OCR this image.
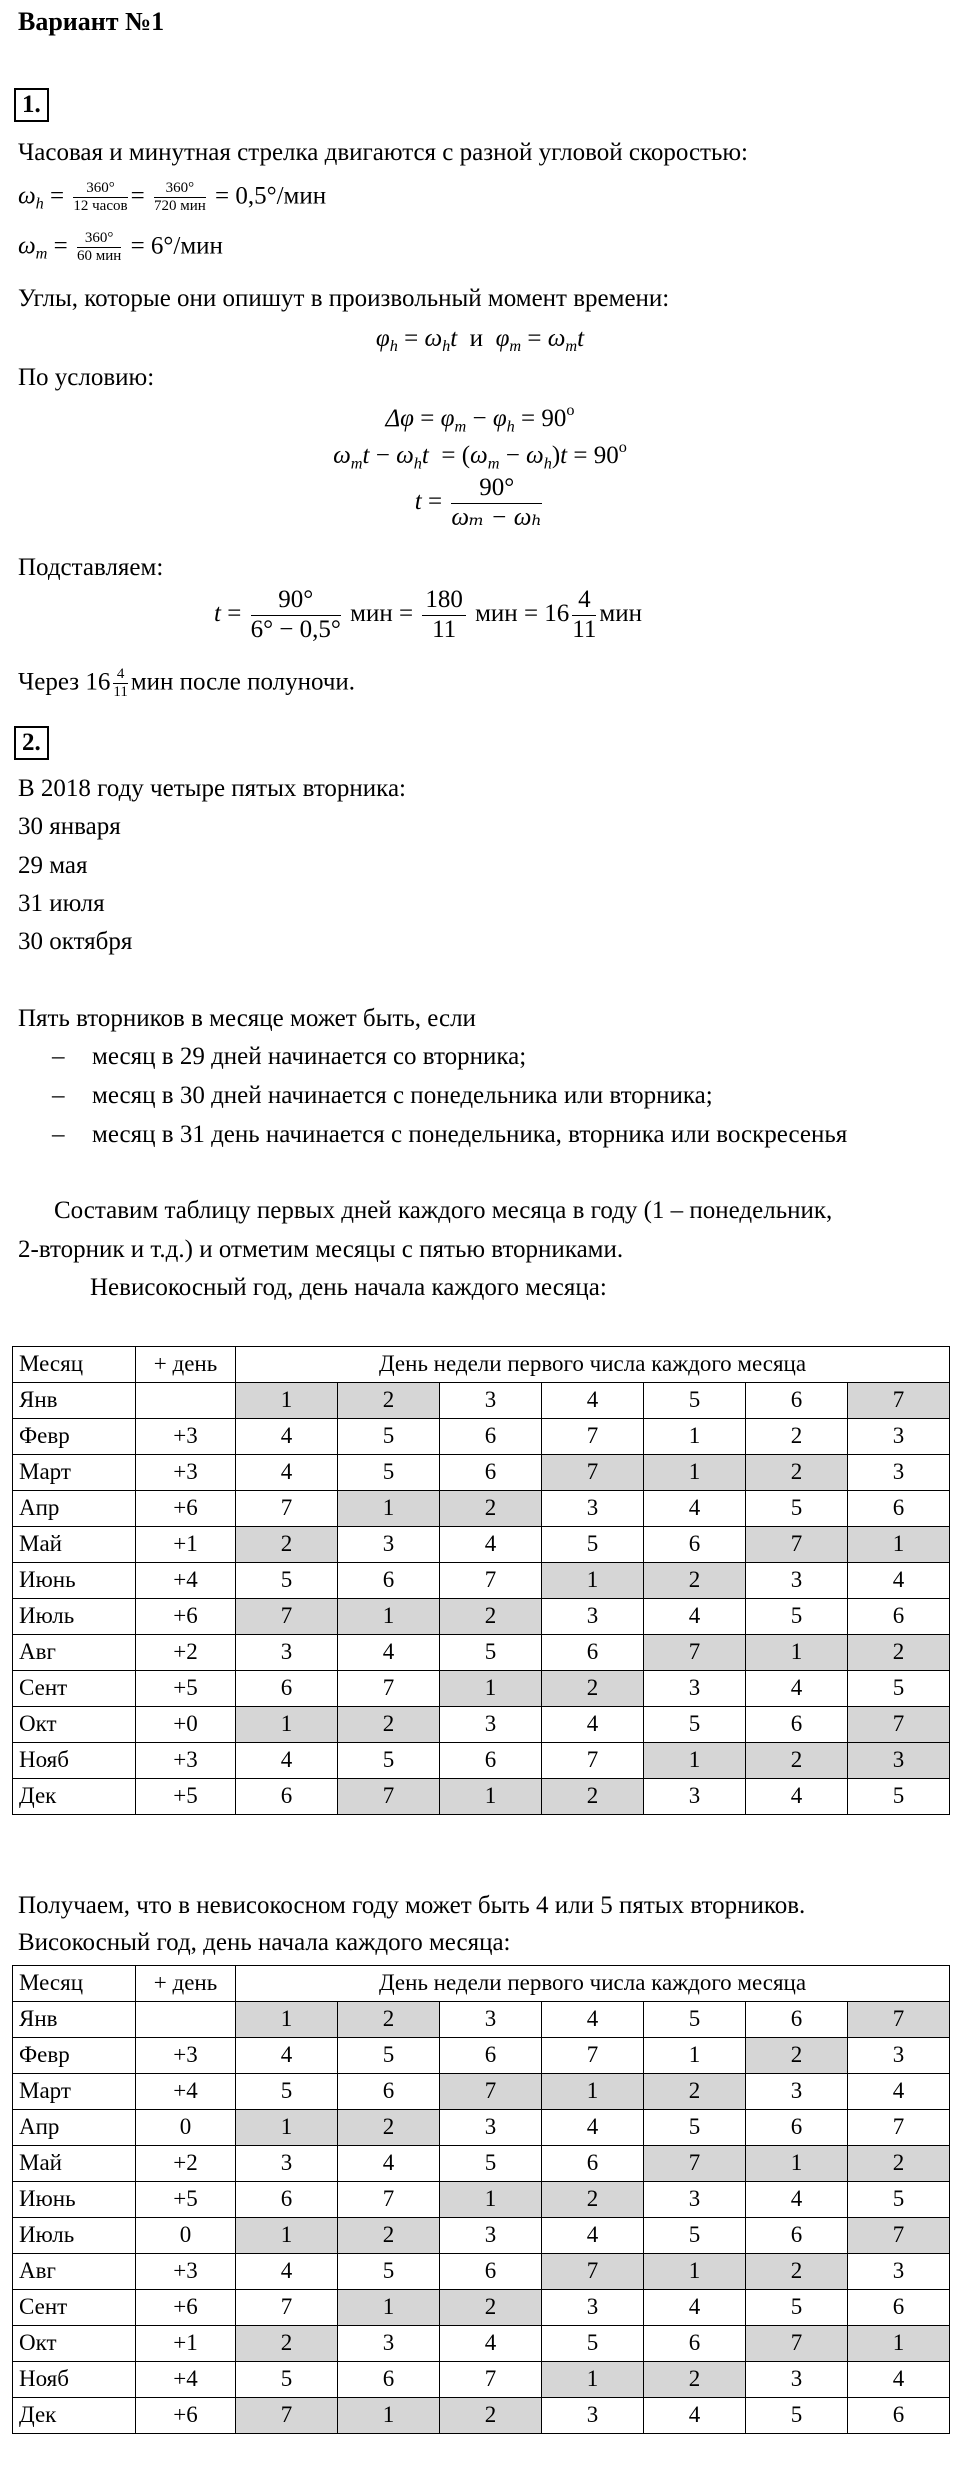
Вариант №1
1.
Часовая и минутная стрелка двигаются с разной угловой скоростью:
$\omega_h = \frac{360^\circ}{\text{12 часов}} = \frac{360^\circ}{\text{720 мин}} = 0,5^\circ/мин$
$\omega_m = \frac{360^\circ}{\text{60 мин}} = 6^\circ/мин$
Углы, которые они опишут в произвольный момент времени:
$\varphi_h = \omega_ht$  и  $\varphi_m = \omega_mt$
По условию:
$\Delta\varphi = \varphi_m - \varphi_h = 90^o$
$\omega_mt - \omega_ht = (\omega_m - \omega_h)t = 90^o$
$t = \frac{90^\circ}{\text{ωₘ − ωₕ}}$
Подставляем:
$t = \frac{90^\circ}{6^\circ - 0,5^\circ}$ мин = $\frac{180}{11}$ мин = $16 \frac{4}{11}$ мин
Через $16 \frac{4}{11}$ мин после полуночи.
2.
В 2018 году четыре пятых вторника:
30 января
29 мая
31 июля
30 октября
Пять вторников в месяце может быть, если
– месяц в 29 дней начинается со вторника;
– месяц в 30 дней начинается с понедельника или вторника;
– месяц в 31 день начинается с понедельника, вторника или воскресенья
Составим таблицу первых дней каждого месяца в году (1 – понедельник,
2-вторник и т.д.) и отметим месяцы с пятью вторниками.
Невисокосный год, день начала каждого месяца:
Месяц	+ день	День недели первого числа каждого месяца						
Янв		1	2	3	4	5	6	7
Февр	+3	4	5	6	7	1	2	3
Март	+3	4	5	6	7	1	2	3
Апр	+6	7	1	2	3	4	5	6
Май	+1	2	3	4	5	6	7	1
Июнь	+4	5	6	7	1	2	3	4
Июль	+6	7	1	2	3	4	5	6
Авг	+2	3	4	5	6	7	1	2
Сент	+5	6	7	1	2	3	4	5
Окт	+0	1	2	3	4	5	6	7
Нояб	+3	4	5	6	7	1	2	3
Дек	+5	6	7	1	2	3	4	5
Получаем, что в невисокосном году может быть 4 или 5 пятых вторников.
Високосный год, день начала каждого месяца:
Месяц	+ день	День недели первого числа каждого месяца						
Янв		1	2	3	4	5	6	7
Февр	+3	4	5	6	7	1	2	3
Март	+4	5	6	7	1	2	3	4
Апр	0	1	2	3	4	5	6	7
Май	+2	3	4	5	6	7	1	2
Июнь	+5	6	7	1	2	3	4	5
Июль	0	1	2	3	4	5	6	7
Авг	+3	4	5	6	7	1	2	3
Сент	+6	7	1	2	3	4	5	6
Окт	+1	2	3	4	5	6	7	1
Нояб	+4	5	6	7	1	2	3	4
Дек	+6	7	1	2	3	4	5	6
